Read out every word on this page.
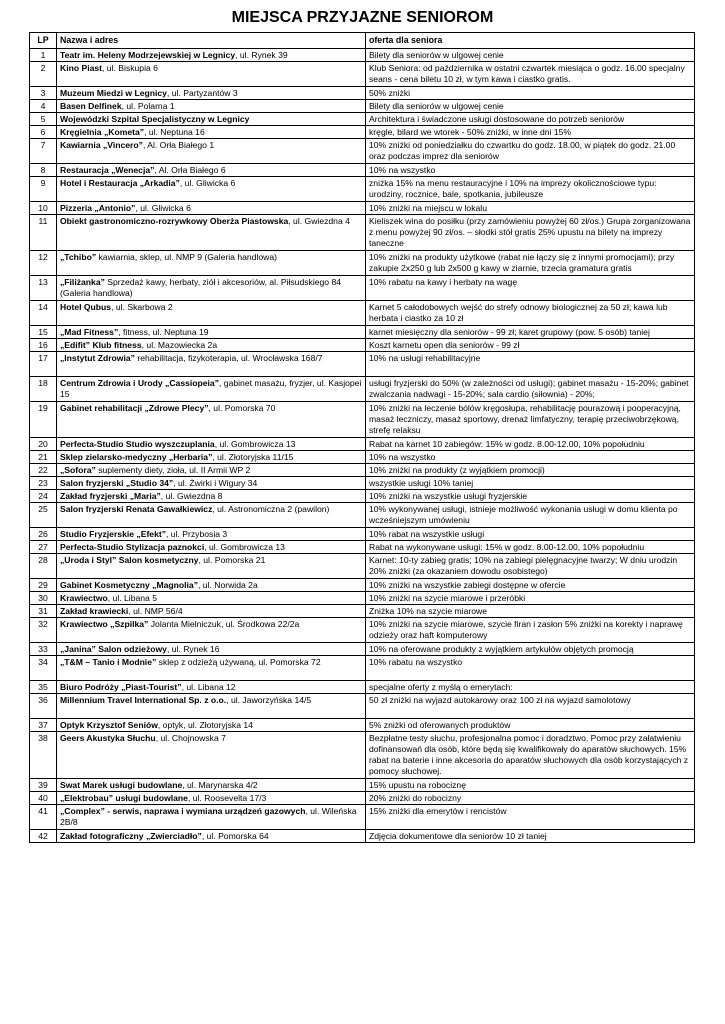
MIEJSCA PRZYJAZNE SENIOROM
LP	Nazwa i adres	oferta dla seniora
1	Teatr im. Heleny Modrzejewskiej w Legnicy, ul. Rynek 39	Bilety dla seniorów w ulgowej cenie
2	Kino Piast, ul. Biskupia 6	Klub Seniora: od października w ostatni czwartek miesiąca o godz. 16.00 specjalny seans - cena biletu 10 zł, w tym kawa i ciastko gratis.
3	Muzeum Miedzi w Legnicy, ul. Partyzantów 3	50% zniżki
4	Basen Delfinek, ul. Polarna 1	Bilety dla seniorów w ulgowej cenie
5	Wojewódzki Szpital Specjalistyczny w Legnicy	Architektura i świadczone usługi dostosowane do potrzeb seniorów
6	Kręgielnia „Kometa”, ul. Neptuna 16	kręgle, bilard we wtorek - 50% zniżki, w inne dni 15%
7	Kawiarnia „Vincero”, Al. Orła Białego 1	10% zniżki od poniedziałku do czwartku do godz. 18.00, w piątek do godz. 21.00 oraz podczas imprez dla seniorów
8	Restauracja „Wenecja”, Al. Orła Białego 6	10% na wszystko
9	Hotel i Restauracja „Arkadia”, ul. Gliwicka 6	zniżka 15% na menu restauracyjne i 10% na imprezy okolicznościowe typu: urodziny, rocznice, bale, spotkania, jubileusze
10	Pizzeria „Antonio”, ul. Gliwicka 6	10% zniżki na miejscu w lokalu
11	Obiekt gastronomiczno-rozrywkowy Oberża Piastowska, ul. Gwiezdna 4	Kieliszek wina do posiłku (przy zamówieniu powyżej 60 zł/os.) Grupa zorganizowana z menu powyżej 90 zł/os. – słodki stół gratis 25% upustu na bilety na imprezy taneczne
12	„Tchibo” kawiarnia, sklep, ul. NMP 9 (Galeria handlowa)	10% zniżki na produkty użytkowe (rabat nie łączy się z innymi promocjami); przy zakupie 2x250 g lub 2x500 g kawy w ziarnie, trzecia gramatura gratis
13	„Filiżanka” Sprzedaż kawy, herbaty, ziół i akcesoriów, al. Piłsudskiego 84 (Galeria handlowa)	10% rabatu na kawy i herbaty na wagę
14	Hotel Qubus, ul. Skarbowa 2	Karnet 5 całodobowych wejść do strefy odnowy biologicznej za 50 zł; kawa lub herbata i ciastko za 10 zł
15	„Mad Fitness”, fitness, ul. Neptuna 19	karnet miesięczny dla seniorów - 99 zł; karet grupowy (pow. 5 osób) taniej
16	„Edifit” Klub fitness, ul. Mazowiecka 2a	Koszt karnetu open dla seniorów - 99 zł
17	„Instytut Zdrowia” rehabilitacja, fizykoterapia, ul. Wrocławska 168/7	10% na usługi rehabilitacyjne
18	Centrum Zdrowia i Urody „Cassiopeia”, gabinet masażu, fryzjer, ul. Kasjopei 15	usługi fryzjerski do 50% (w zależności od usługi); gabinet masażu - 15-20%; gabinet zwalczania nadwagi - 15-20%; sala cardio (siłownia) - 20%;
19	Gabinet rehabilitacji „Zdrowe Plecy”, ul. Pomorska 70	10% zniżki na leczenie bólów kręgosłupa, rehabilitację pourazową i pooperacyjną, masaż leczniczy, masaż sportowy, drenaż limfatyczny, terapię przeciwobrzękową, strefę relaksu
20	Perfecta-Studio Studio wyszczuplania, ul. Gombrowicza 13	Rabat na karnet 10 zabiegów: 15% w godz. 8.00-12.00, 10% popołudniu
21	Sklep zielarsko-medyczny „Herbaria”, ul. Złotoryjska 11/15	10% na wszystko
22	„Sofora” suplementy diety, zioła, ul. II Armii WP 2	10% zniżki na produkty (z wyjątkiem promocji)
23	Salon fryzjerski „Studio 34”, ul. Żwirki i Wigury 34	wszystkie usługi 10% taniej
24	Zakład fryzjerski „Maria”, ul. Gwiezdna 8	10% zniżki na wszystkie usługi fryzjerskie
25	Salon fryzjerski Renata Gawałkiewicz, ul. Astronomiczna 2 (pawilon)	10% wykonywanej usługi, istnieje możliwość wykonania usługi w domu klienta po wcześniejszym umówieniu
26	Studio Fryzjerskie „Efekt”, ul. Przybosia 3	10% rabat na wszystkie usługi
27	Perfecta-Studio Stylizacja paznokci, ul. Gombrowicza 13	Rabat na wykonywane usługi: 15% w godz. 8.00-12.00, 10% popołudniu
28	„Uroda i Styl” Salon kosmetyczny, ul. Pomorska 21	Karnet: 10-ty zabieg gratis; 10% na zabiegi pielęgnacyjne twarzy; W dniu urodzin 20% zniżki (za okazaniem dowodu osobistego)
29	Gabinet Kosmetyczny „Magnolia”, ul. Norwida 2a	10% zniżki na wszystkie zabiegi dostępne w ofercie
30	Krawiectwo, ul. Libana 5	10% zniżki na szycie miarowe i przeróbki
31	Zakład krawiecki, ul. NMP 56/4	Zniżka 10% na szycie miarowe
32	Krawiectwo „Szpilka” Jolanta Mielniczuk, ul. Środkowa 22/2a	10% zniżki na szycie miarowe, szycie firan i zasłon 5% zniżki na korekty i naprawę odzieży oraz haft komputerowy
33	„Janina” Salon odzieżowy, ul. Rynek 16	10% na oferowane produkty z wyjątkiem artykułów objętych promocją
34	„T&M – Tanio i Modnie” sklep z odzieżą używaną, ul. Pomorska 72	10% rabatu na wszystko
35	Biuro Podróży „Piast-Tourist”, ul. Libana 12	specjalne oferty z myślą o emerytach:
36	Millennium Travel International Sp. z o.o., ul. Jaworzyńska 14/5	50 zł zniżki na wyjazd autokarowy oraz 100 zł na wyjazd samolotowy
37	Optyk Krzysztof Seniów, optyk, ul. Złotoryjska 14	5% zniżki od oferowanych produktów
38	Geers Akustyka Słuchu, ul. Chojnowska 7	Bezpłatne testy słuchu, profesjonalna pomoc i doradztwo. Pomoc przy załatwieniu dofinansowań dla osób, które będą się kwalifikowały do aparatów słuchowych. 15% rabat na baterie i inne akcesoria do aparatów słuchowych dla osób korzystających z pomocy słuchowej.
39	Swat Marek usługi budowlane, ul. Marynarska 4/2	15% upustu na robociznę
40	„Elektrobau” usługi budowlane, ul. Roosevelta 17/3	20% zniżki do robocizny
41	„Complex” - serwis, naprawa i wymiana urządzeń gazowych, ul. Wileńska 2B/8	15% zniżki dla emerytów i rencistów
42	Zakład fotograficzny „Zwierciadło”, ul. Pomorska 64	Zdjęcia dokumentowe dla seniorów 10 zł taniej
